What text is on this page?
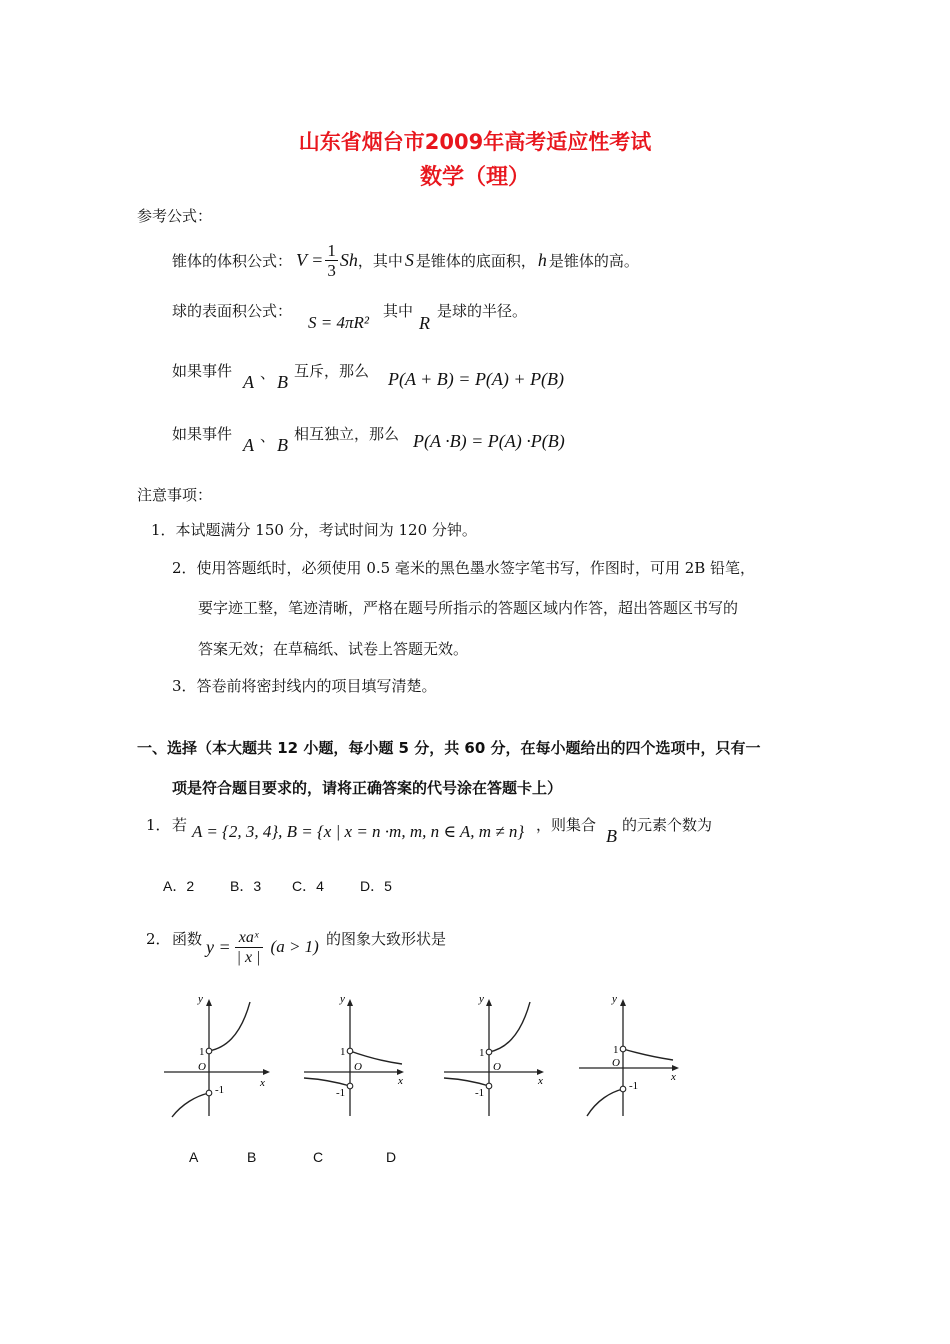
山东省烟台市2009年高考适应性考试
数学（理）
参考公式：
锥体的体积公式： $V = \frac{1}{3}$ Sh ，其中 S 是锥体的底面积， h 是锥体的高。
球的表面积公式：
S = 4πR²
其中
R
是球的半径。
如果事件
A 、 B
互斥，那么 P(A + B) = P(A) + P(B)
如果事件
A 、 B
相互独立，那么 P(A ·B) = P(A) ·P(B)
注意事项：
1．本试题满分 150 分，考试时间为 120 分钟。
2．使用答题纸时，必须使用 0.5 毫米的黑色墨水签字笔书写，作图时，可用 2B 铅笔，
要字迹工整，笔迹清晰，严格在题号所指示的答题区域内作答，超出答题区书写的
答案无效；在草稿纸、试卷上答题无效。
3．答卷前将密封线内的项目填写清楚。
一、选择（本大题共 12 小题，每小题 5 分，共 60 分，在每小题给出的四个选项中，只有一
项是符合题目要求的，请将正确答案的代号涂在答题卡上）
1． 若 A = {2, 3, 4}, B = {x | x = n ·m, m, n ∈ A, m ≠ n} ，则集合
B
的元素个数为
A．2	B．3 C．4	D．5
2． 函数 $y = \frac{\text{xaˣ}}{| x |} (a > 1)$ 的图象大致形状是
y
x
O
1
-1
y
x
O
1
-1
y
x
O
1
-1
y
x
O
1
-1
A	B	C	D
